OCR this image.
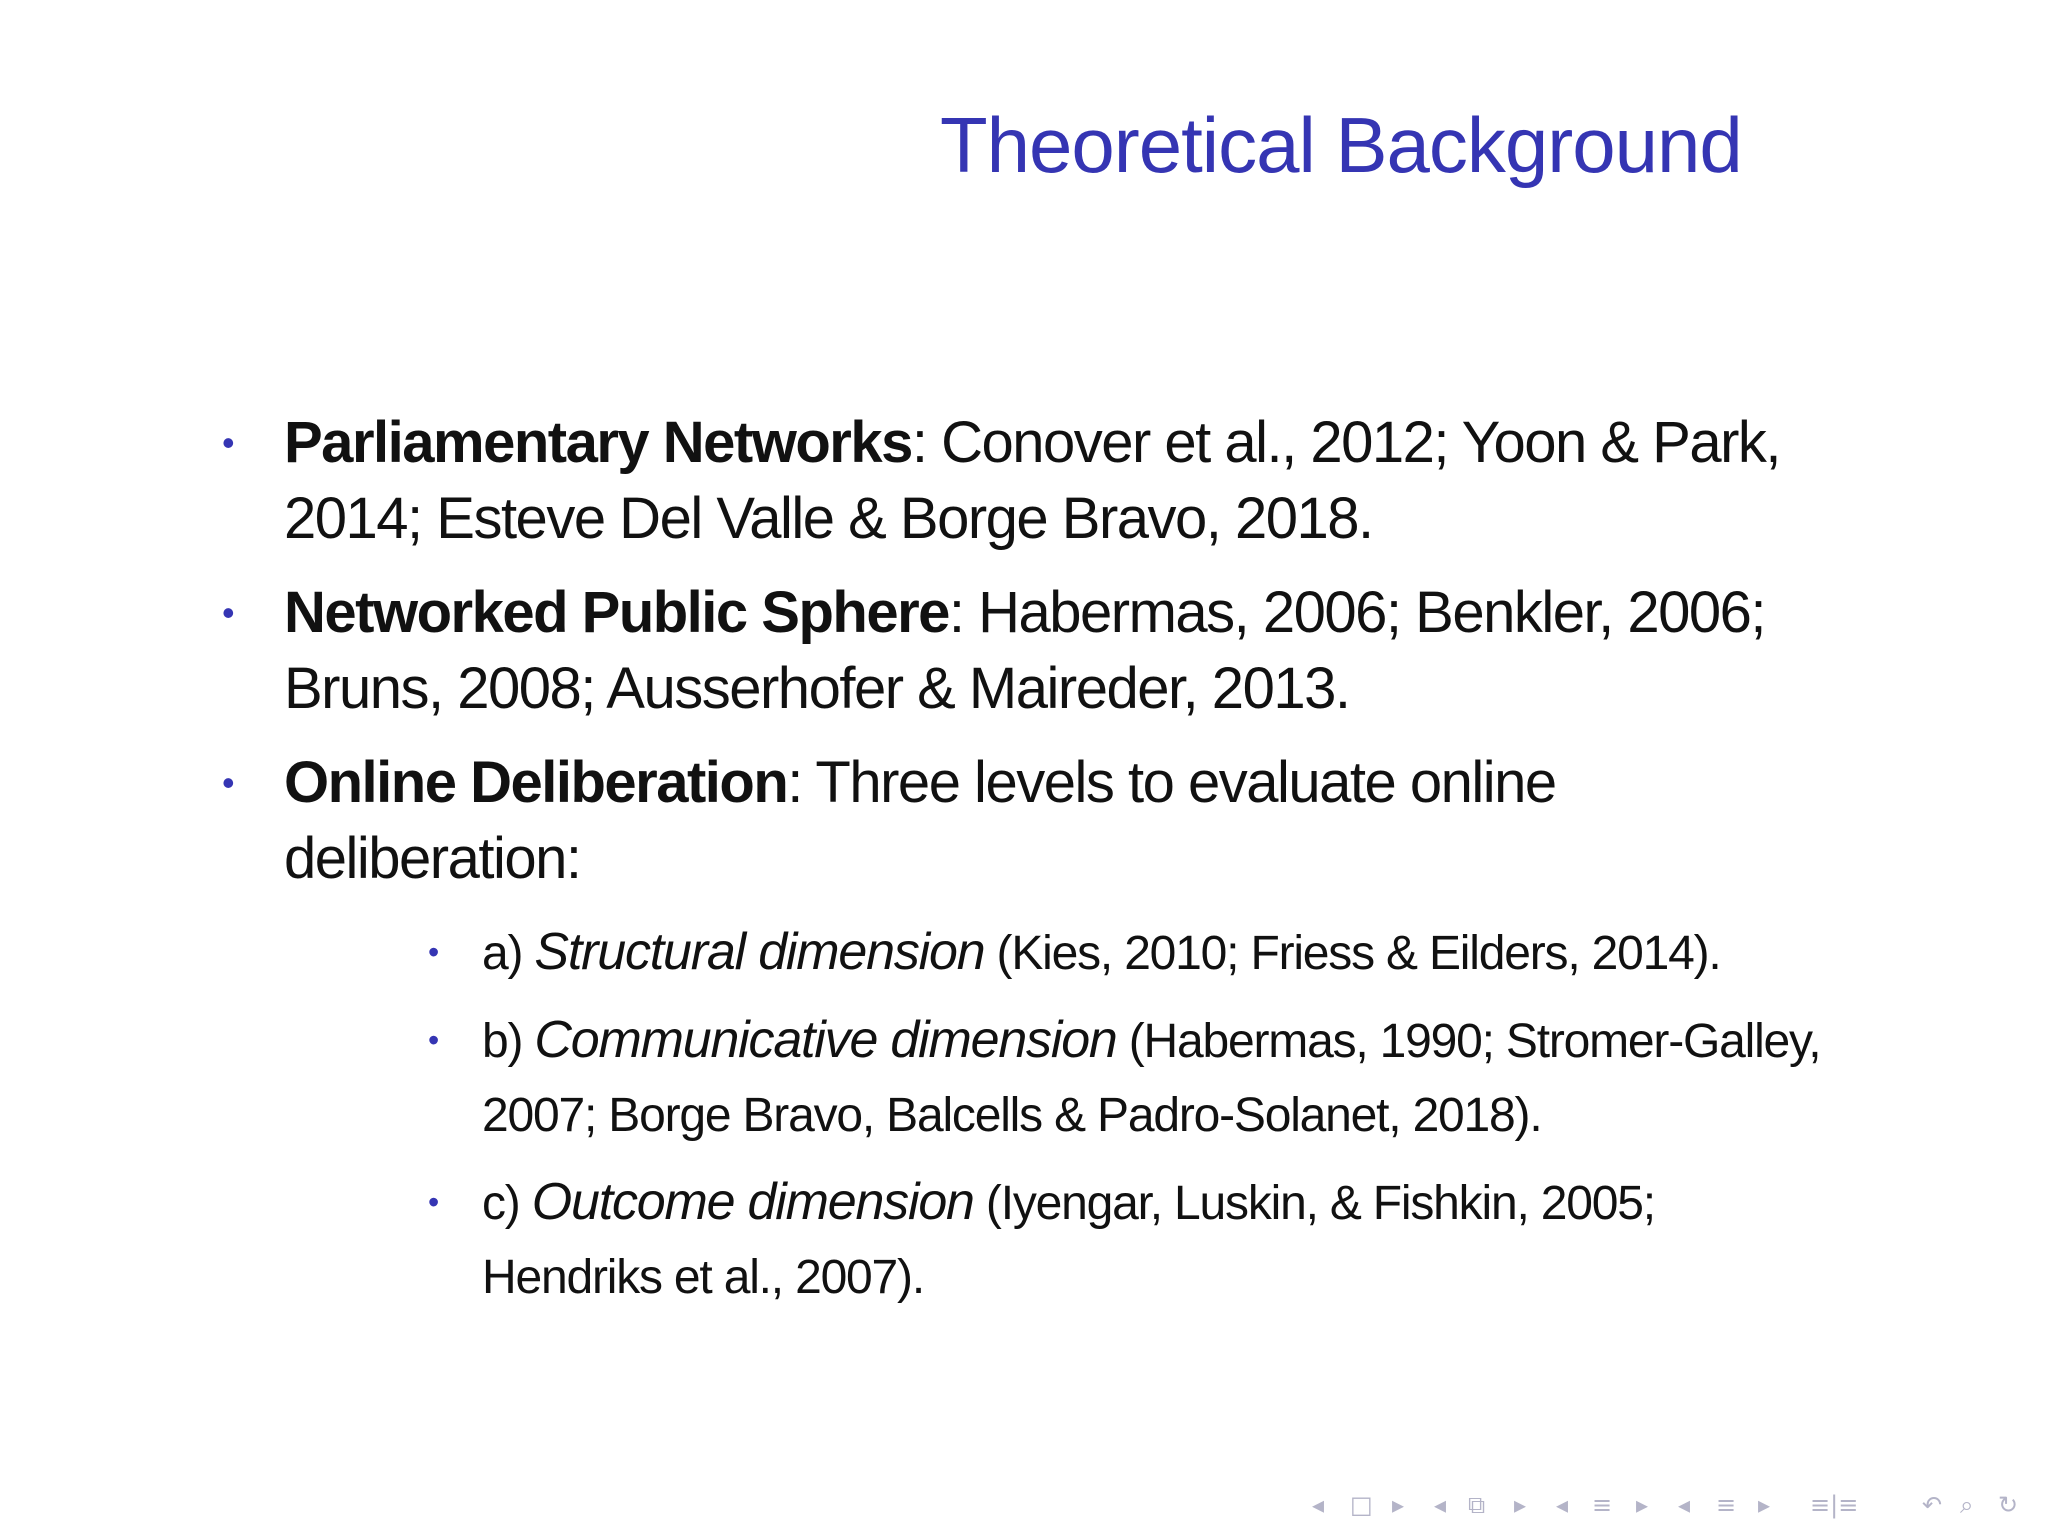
Theoretical Background
• Parliamentary Networks: Conover et al., 2012; Yoon & Park, 2014; Esteve Del Valle & Borge Bravo, 2018.
• Networked Public Sphere: Habermas, 2006; Benkler, 2006; Bruns, 2008; Ausserhofer & Maireder, 2013.
• Online Deliberation: Three levels to evaluate online deliberation:
• a) Structural dimension (Kies, 2010; Friess & Eilders, 2014).
• b) Communicative dimension (Habermas, 1990; Stromer-Galley, 2007; Borge Bravo, Balcells & Padro-Solanet, 2018).
• c) Outcome dimension (Iyengar, Luskin, & Fishkin, 2005; Hendriks et al., 2007).
◂ □ ▸ ◂ ⧉ ▸ ◂ ≡ ▸ ◂ ≡ ▸ ≡|≡	↶ ⌕ ↻
